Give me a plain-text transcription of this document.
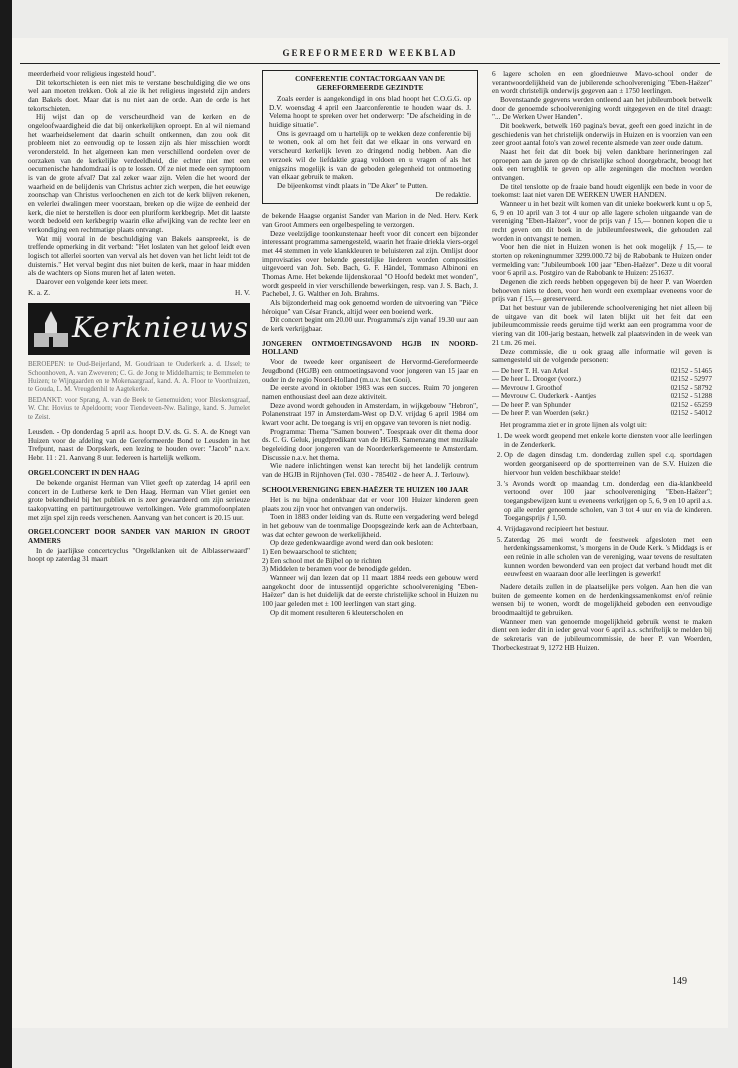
GEREFORMEERD WEEKBLAD

meerderheid voor religieus ingesteld houd".

Dit tekortschieten is een niet mis te verstane beschuldiging die we ons wel aan moeten trekken. Ook al zie ik het religieus ingesteld zijn anders dan Bakels doet. Maar dat is nu niet aan de orde. Aan de orde is het tekortschieten.

Hij wijst dan op de verscheurdheid van de kerken en de ongeloofwaardigheid die dat bij onkerkelijken oproept. En al wil niemand het waarheidselement dat daarin schuilt ontkennen, dan zou ook dit probleem niet zo eenvoudig op te lossen zijn als hier misschien wordt verondersteld. In het algemeen kan men verschillend oordelen over de oorzaken van de kerkelijke verdeeldheid, die echter niet met een oecumenische handomdraai is op te lossen. Of ze niet mede een symptoom is van de grote afval? Dat zal zeker waar zijn. Velen die het woord der waarheid en de belijdenis van Christus achter zich werpen, die het eeuwige zoonschap van Christus verloochenen en zich tot de kerk blijven rekenen, en velerlei dwalingen meer voorstaan, breken op die wijze de eenheid der kerk, die niet te herstellen is door een pluriform kerkbegrip. Met dit laatste wordt bedoeld een kerkbegrip waarin elke afwijking van de rechte leer en verkondiging een rechtmatige plaats ontvangt.

Wat mij vooral in de beschuldiging van Bakels aanspreekt, is de treffende opmerking in dit verband: "Het loslaten van het geloof leidt even logisch tot allerlei soorten van verval als het doven van het licht leidt tot de duisternis." Het verval begint dus niet buiten de kerk, maar in haar midden als de wachters op Sions muren het af laten weten.

Daarover een volgende keer iets meer.

K. a. Z.	H. V.
Kerknieuws

BEROEPEN: te Oud-Beijerland, M. Goudriaan te Ouderkerk a. d. IJssel; te Schoonhoven, A. van Zweveren; C. G. de Jong te Middelharnis; te Bemmelen te Huizen; te Wijngaarden en te Mokenaargraaf, kand. A. A. Floor te Voorthuizen, te Gouda, L. M. Vreugdenhil te Aagtekerke.

BEDANKT: voor Sprang, A. van de Beek te Genemuiden; voor Bleskensgraaf, W. Chr. Hovius te Apeldoorn; voor Tiendeveen-Nw. Balinge, kand. S. Jumelet te Zeist.

Leusden. - Op donderdag 5 april a.s. hoopt D.V. ds. G. S. A. de Knegt van Huizen voor de afdeling van de Gereformeerde Bond te Leusden in het Trefpunt, naast de Dorpskerk, een lezing te houden over: "Jacob" n.a.v. Hebr. 11 : 21. Aanvang 8 uur. Iedereen is hartelijk welkom.

ORGELCONCERT IN DEN HAAG

De bekende organist Herman van Vliet geeft op zaterdag 14 april een concert in de Lutherse kerk te Den Haag. Herman van Vliet geniet een grote bekendheid bij het publiek en is zeer gewaardeerd om zijn serieuze taakopvatting en partituurgetrouwe vertolkingen. Vele grammofoonplaten met zijn spel zijn reeds verschenen. Aanvang van het concert is 20.15 uur.

ORGELCONCERT DOOR SANDER VAN MARION IN GROOT AMMERS

In de jaarlijkse concertcyclus "Orgelklanken uit de Alblasserwaard" hoopt op zaterdag 31 maart

CONFERENTIE CONTACTORGAAN VAN DE GEREFORMEERDE GEZINDTE

Zoals eerder is aangekondigd in ons blad hoopt het C.O.G.G. op D.V. woensdag 4 april een Jaarconferentie te houden waar ds. J. Velema hoopt te spreken over het onderwerp: "De afscheiding in de huidige situatie".

Ons is gevraagd om u hartelijk op te wekken deze conferentie bij te wonen, ook al om het feit dat we elkaar in ons verward en verscheurd kerkelijk leven zo dringend nodig hebben. Aan die verzoek wil de liefdaktie graag voldoen en u vragen of als het enigszins mogelijk is van de geboden gelegenheid tot ontmoeting van elkaar gebruik te maken.

De bijeenkomst vindt plaats in "De Aker" te Putten.

De redaktie.

de bekende Haagse organist Sander van Marion in de Ned. Herv. Kerk van Groot Ammers een orgelbespeling te verzorgen.

Deze veelzijdige toonkunstenaar heeft voor dit concert een bijzonder interessant programma samengesteld, waarin het fraaie driekla viers-orgel met 44 stemmen in vele klankkleuren te beluisteren zal zijn. Omlijst door improvisaties over bekende geestelijke liederen worden composities uitgevoerd van Joh. Seb. Bach, G. F. Händel, Tommaso Albinoni en Thomas Arne. Het bekende lijdenskoraal "O Hoofd bedekt met wonden", wordt gespeeld in vier verschillende bewerkingen, resp. van J. S. Bach, J. Pachebel, J. G. Walther en Joh. Brahms.

Als bijzonderheid mag ook genoemd worden de uitvoering van "Pièce héroique" van César Franck, altijd weer een boeiend werk.

Dit concert begint om 20.00 uur. Programma's zijn vanaf 19.30 uur aan de kerk verkrijgbaar.

JONGEREN ONTMOETINGSAVOND HGJB IN NOORD-HOLLAND

Voor de tweede keer organiseert de Hervormd-Gereformeerde Jeugdbond (HGJB) een ontmoetingsavond voor jongeren van 15 jaar en ouder in de regio Noord-Holland (m.u.v. het Gooi).

De eerste avond in oktober 1983 was een succes. Ruim 70 jongeren namen enthousiast deel aan deze aktiviteit.

Deze avond wordt gehouden in Amsterdam, in wijkgebouw "Hebron", Polanenstraat 197 in Amsterdam-West op D.V. vrijdag 6 april 1984 om kwart voor acht. De toegang is vrij en opgave van tevoren is niet nodig.

Programma: Thema "Samen bouwen". Toespraak over dit thema door ds. C. G. Geluk, jeugdpredikant van de HGJB. Samenzang met muzikale begeleiding door jongeren van de Noorderkerkgemeente te Amsterdam. Discussie n.a.v. het thema.

Wie nadere inlichtingen wenst kan terecht bij het landelijk centrum van de HGJB in Rijnhoven (Tel. 030 - 785402 - de heer A. J. Terlouw).

SCHOOLVERENIGING EBEN-HAËZER TE HUIZEN 100 JAAR

Het is nu bijna ondenkbaar dat er voor 100 Huizer kinderen geen plaats zou zijn voor het ontvangen van onderwijs.

Toen in 1883 onder leiding van ds. Rutte een vergadering werd belegd in het gebouw van de toenmalige Doopsgezinde kerk aan de Achterbaan, was dat echter gewoon de werkelijkheid.

Op deze gedenkwaardige avond werd dan ook besloten:

1) Een bewaarschool te stichten;

2) Een school met de Bijbel op te richten

3) Middelen te beramen voor de benodigde gelden.

Wanneer wij dan lezen dat op 11 maart 1884 reeds een gebouw werd aangekocht door de intussentijd opgerichte schoolvereniging "Eben-Haëzer" dan is het duidelijk dat de eerste christelijke school in Huizen nu 100 jaar geleden met ± 100 leerlingen van start ging.

Op dit moment resulteren 6 kleuterscholen en

6 lagere scholen en een gloednieuwe Mavo-school onder de verantwoordelijkheid van de jubilerende schoolvereniging "Eben-Haëzer" en wordt christelijk onderwijs gegeven aan ± 1750 leerlingen.

Bovenstaande gegevens werden ontleend aan het jubileumboek betwelk door de genoemde schoolvereniging wordt uitgegeven en de titel draagt: "... De Werken Uwer Handen".

Dit boekwerk, betwelk 160 pagina's bevat, geeft een goed inzicht in de geschiedenis van het christelijk onderwijs in Huizen en is voorzien van een zeer groot aantal foto's van zowel recente alsmede van zeer oude datum.

Naast het feit dat dit boek bij velen dankbare herinneringen zal oproepen aan de jaren op de christelijke school doorgebracht, beoogt het ook een terugblik te geven op alle zegeningen die mochten worden ontvangen.

De titel tenslotte op de fraaie band houdt eigenlijk een bede in voor de toekomst: laat niet varen DE WERKEN UWER HANDEN.

Wanneer u in het bezit wilt komen van dit unieke boekwerk kunt u op 5, 6, 9 en 10 april van 3 tot 4 uur op alle lagere scholen uitgaande van de vereniging "Eben-Haëzer", voor de prijs van ƒ 15,— bonnen kopen die u recht geven om dit boek in de jubileumfeestweek, die gehouden zal worden in ontvangst te nemen.

Voor hen die niet in Huizen wonen is het ook mogelijk ƒ 15,— te storten op rekeningnummer 3299.000.72 bij de Rabobank te Huizen onder vermelding van: "Jubileumboek 100 jaar "Eben-Haëzer". Deze u dit vooral voor 6 april a.s. Postgiro van de Rabobank te Huizen: 251637.

Degenen die zich reeds hebben opgegeven bij de heer P. van Woerden behoeven niets te doen, voor hen wordt een exemplaar eveneens voor de prijs van ƒ 15,— gereserveerd.

Dat het bestuur van de jubilerende schoolvereniging het niet alleen bij de uitgave van dit boek wil laten blijkt uit het feit dat een jubileumcommissie reeds geruime tijd werkt aan een programma voor de viering van dit 100-jarig bestaan, hetwelk zal plaatsvinden in de week van 21 t.m. 26 mei.

Deze commissie, die u ook graag alle informatie wil geven is samengesteld uit de volgende personen:

— De heer T. H. van Arkel	02152 - 51465
— De heer L. Drooger (voorz.)	02152 - 52977
— Mevrouw I. Groothof	02152 - 58792
— Mevrouw C. Ouderkerk - Aantjes	02152 - 51288
— De heer P. van Sphunder	02152 - 65259
— De heer P. van Woerden (sekr.)	02152 - 54012

Het programma ziet er in grote lijnen als volgt uit:

1. De week wordt geopend met enkele korte diensten voor alle leerlingen in de Zenderkerk.
2. Op de dagen dinsdag t.m. donderdag zullen spel c.q. sportdagen worden georganiseerd op de sportterreinen van de S.V. Huizen die hiervoor hun velden beschikbaar stelde!
3. 's Avonds wordt op maandag t.m. donderdag een dia-klankbeeld vertoond over 100 jaar schoolvereniging "Eben-Haëzer"; toegangsbewijzen kunt u eveneens verkrijgen op 5, 6, 9 en 10 april a.s. op alle eerder genoemde scholen, van 3 tot 4 uur en via de kinderen. Toegangsprijs ƒ 1,50.
4. Vrijdagavond recipieert het bestuur.
5. Zaterdag 26 mei wordt de feestweek afgesloten met een herdenkingssamenkomst, 's morgens in de Oude Kerk. 's Middags is er een reünie in alle scholen van de vereniging, waar tevens de resultaten kunnen worden bewonderd van een project dat verband houdt met dit eeuwfeest en waaraan door alle leerlingen is gewerkt!

Nadere details zullen in de plaatselijke pers volgen. Aan hen die van buiten de gemeente komen en de herdenkingssamenkomst en/of reünie wensen bij te wonen, wordt de mogelijkheid geboden een eenvoudige broodmaaltijd te gebruiken.

Wanneer men van genoemde mogelijkheid gebruik wenst te maken dient een ieder dit in ieder geval voor 6 april a.s. schriftelijk te melden bij de sekretaris van de jubileumcommissie, de heer P. van Woerden, Thorbeckestraat 9, 1272 HB Huizen.

149
